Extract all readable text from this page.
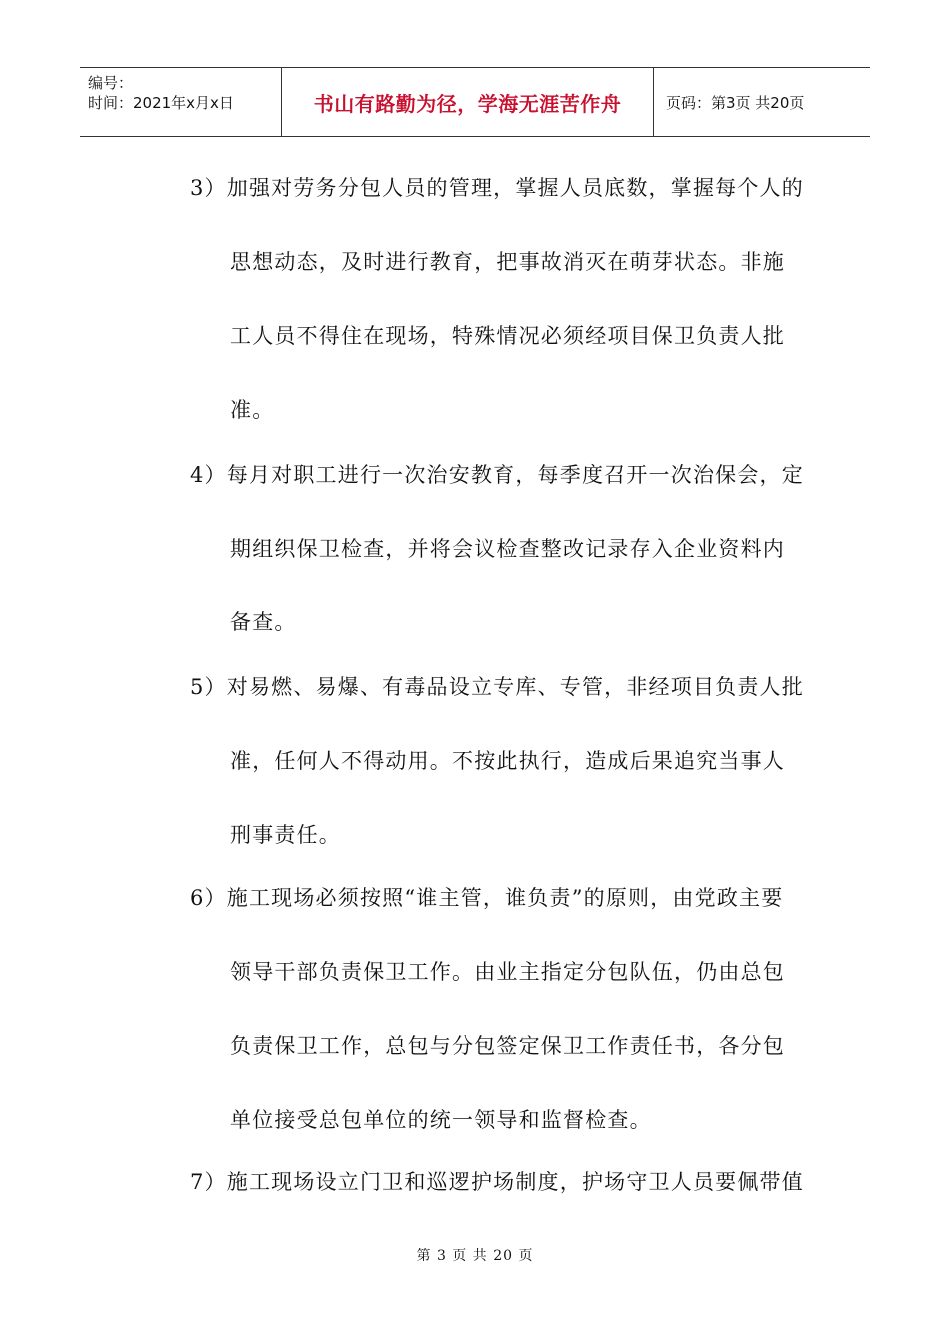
编号：
时间：2021年x月x日	书山有路勤为径，学海无涯苦作舟	页码：第3页 共20页
3）加强对劳务分包人员的管理，掌握人员底数，掌握每个人的
思想动态，及时进行教育，把事故消灭在萌芽状态。非施
工人员不得住在现场，特殊情况必须经项目保卫负责人批
准。
4）每月对职工进行一次治安教育，每季度召开一次治保会，定
期组织保卫检查，并将会议检查整改记录存入企业资料内
备查。
5）对易燃、易爆、有毒品设立专库、专管，非经项目负责人批
准，任何人不得动用。不按此执行，造成后果追究当事人
刑事责任。
6）施工现场必须按照“谁主管，谁负责”的原则，由党政主要
领导干部负责保卫工作。由业主指定分包队伍，仍由总包
负责保卫工作，总包与分包签定保卫工作责任书，各分包
单位接受总包单位的统一领导和监督检查。
7）施工现场设立门卫和巡逻护场制度，护场守卫人员要佩带值
第 3 页 共 20 页
